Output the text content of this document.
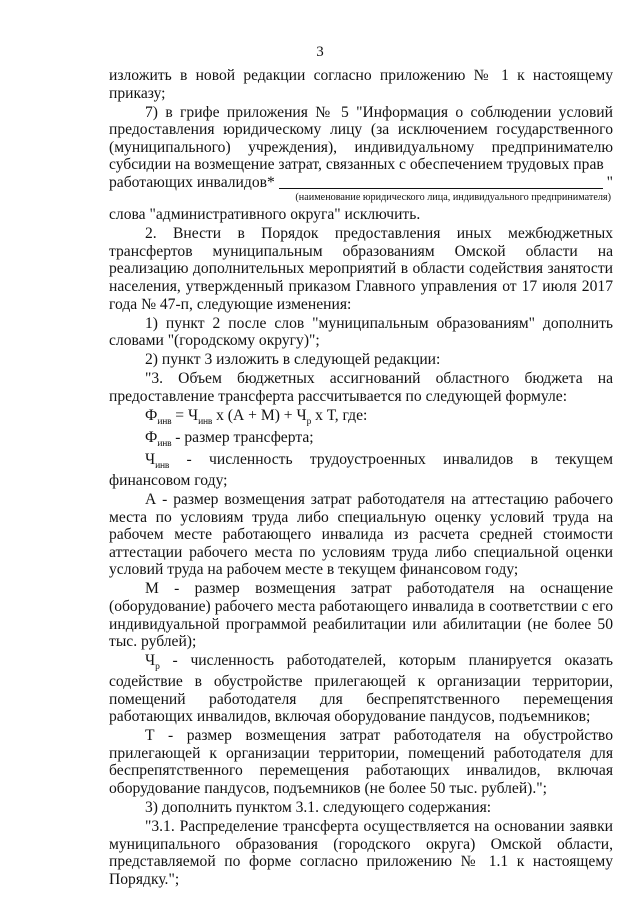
3

изложить в новой редакции согласно приложению № 1 к настоящему приказу;

7) в грифе приложения № 5 "Информация о соблюдении условий предоставления юридическому лицу (за исключением государственного (муниципального) учреждения), индивидуальному предпринимателю субсидии на возмещение затрат, связанных с обеспечением трудовых прав

работающих инвалидов*	"

(наименование юридического лица, индивидуального предпринимателя)

слова "административного округа" исключить.

2. Внести в Порядок предоставления иных межбюджетных трансфертов муниципальным образованиям Омской области на реализацию дополнительных мероприятий в области содействия занятости населения, утвержденный приказом Главного управления от 17 июля 2017 года № 47-п, следующие изменения:

1) пункт 2 после слов "муниципальным образованиям" дополнить словами "(городскому округу)";

2) пункт 3 изложить в следующей редакции:

"3. Объем бюджетных ассигнований областного бюджета на предоставление трансферта рассчитывается по следующей формуле:

$Ф_{инв} = Ч_{инв}$ х $(А + М) + Ч_р$ х Т, где:

$Ф_{инв}$ - размер трансферта;

$Ч_{инв}$ - численность трудоустроенных инвалидов в текущем финансовом году;

А - размер возмещения затрат работодателя на аттестацию рабочего места по условиям труда либо специальную оценку условий труда на рабочем месте работающего инвалида из расчета средней стоимости аттестации рабочего места по условиям труда либо специальной оценки условий труда на рабочем месте в текущем финансовом году;

М - размер возмещения затрат работодателя на оснащение (оборудование) рабочего места работающего инвалида в соответствии с его индивидуальной программой реабилитации или абилитации (не более 50 тыс. рублей);

$Ч_р$ - численность работодателей, которым планируется оказать содействие в обустройстве прилегающей к организации территории, помещений работодателя для беспрепятственного перемещения работающих инвалидов, включая оборудование пандусов, подъемников;

Т - размер возмещения затрат работодателя на обустройство прилегающей к организации территории, помещений работодателя для беспрепятственного перемещения работающих инвалидов, включая оборудование пандусов, подъемников (не более 50 тыс. рублей).";

3) дополнить пунктом 3.1. следующего содержания:

"3.1. Распределение трансферта осуществляется на основании заявки муниципального образования (городского округа) Омской области, представляемой по форме согласно приложению № 1.1 к настоящему Порядку.";
